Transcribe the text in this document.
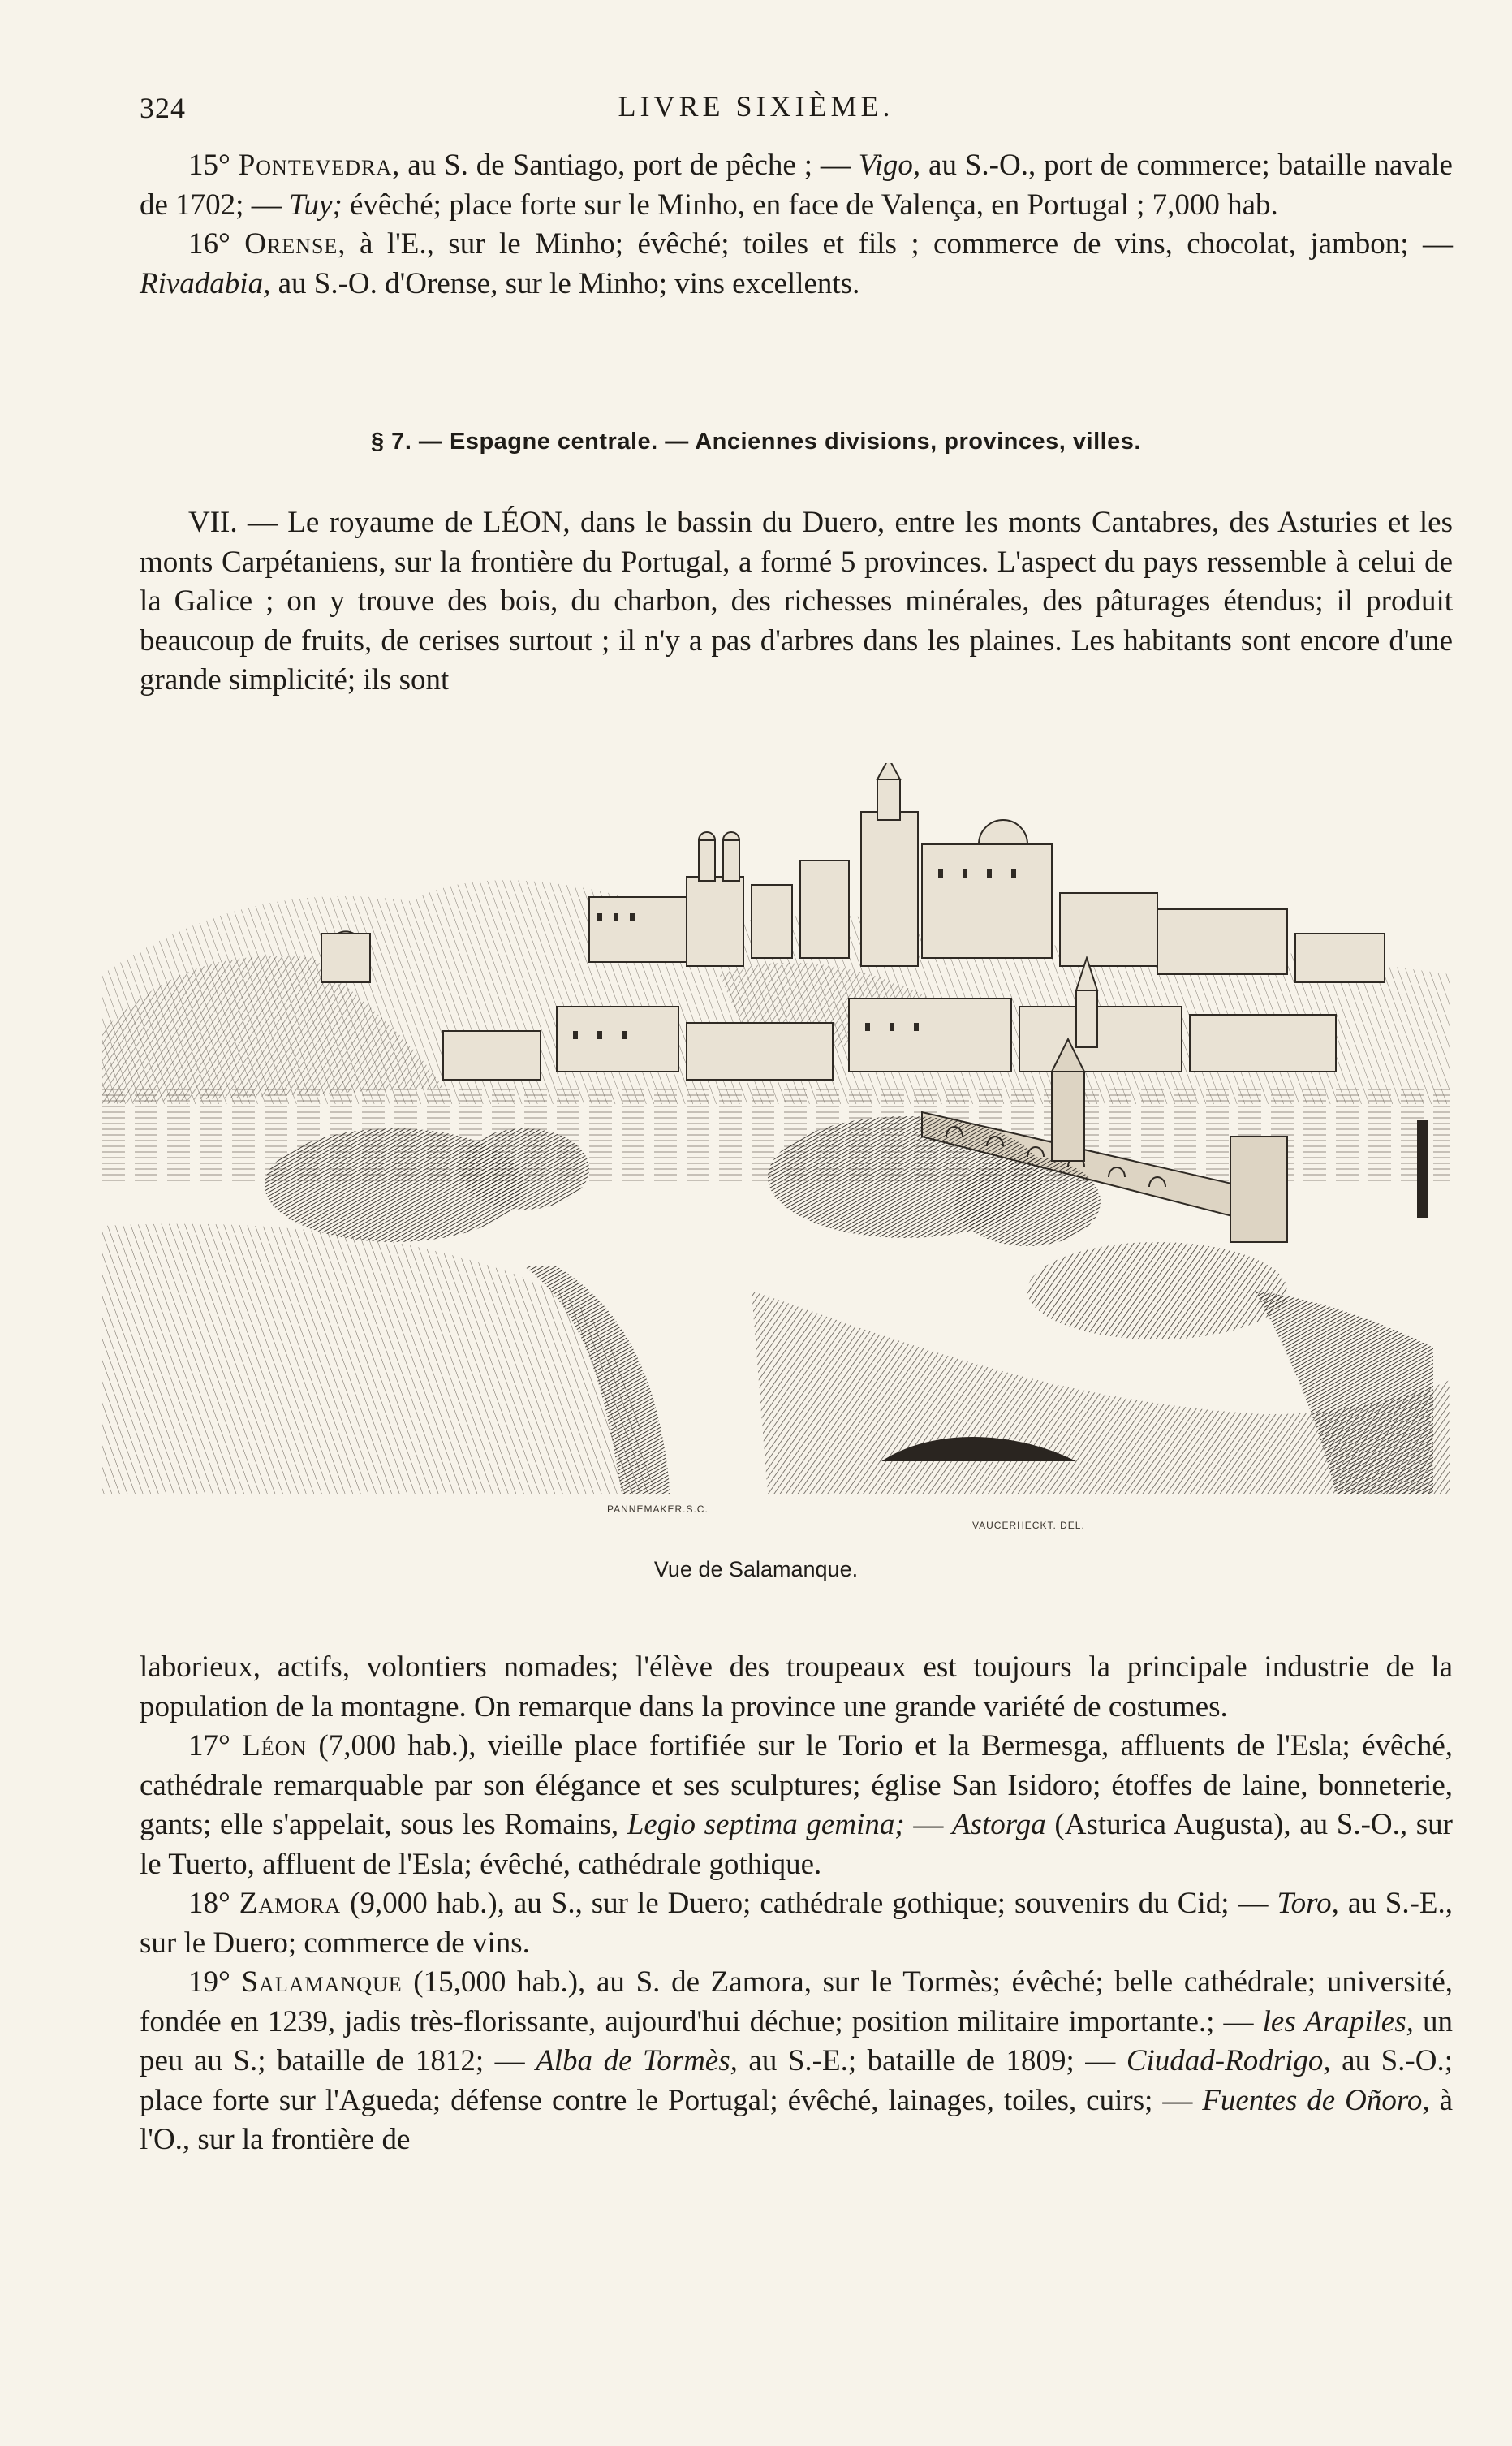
324	LIVRE SIXIÈME.

15° Pontevedra, au S. de Santiago, port de pêche ; — Vigo, au S.-O., port de commerce; bataille navale de 1702; — Tuy; évêché; place forte sur le Minho, en face de Valença, en Portugal ; 7,000 hab.

16° Orense, à l'E., sur le Minho; évêché; toiles et fils ; commerce de vins, chocolat, jambon; — Rivadabia, au S.-O. d'Orense, sur le Minho; vins excellents.

§ 7. — Espagne centrale. — Anciennes divisions, provinces, villes.

VII. — Le royaume de LÉON, dans le bassin du Duero, entre les monts Cantabres, des Asturies et les monts Carpétaniens, sur la frontière du Portugal, a formé 5 provinces. L'aspect du pays ressemble à celui de la Galice ; on y trouve des bois, du charbon, des richesses minérales, des pâturages étendus; il produit beaucoup de fruits, de cerises surtout ; il n'y a pas d'arbres dans les plaines. Les habitants sont encore d'une grande simplicité; ils sont

PANNEMAKER.S.C.
VAUCERHECKT. DEL.
Vue de Salamanque.

laborieux, actifs, volontiers nomades; l'élève des troupeaux est toujours la principale industrie de la population de la montagne. On remarque dans la province une grande variété de costumes.

17° Léon (7,000 hab.), vieille place fortifiée sur le Torio et la Bermesga, affluents de l'Esla; évêché, cathédrale remarquable par son élégance et ses sculptures; église San Isidoro; étoffes de laine, bonneterie, gants; elle s'appelait, sous les Romains, Legio septima gemina; — Astorga (Asturica Augusta), au S.-O., sur le Tuerto, affluent de l'Esla; évêché, cathédrale gothique.

18° Zamora (9,000 hab.), au S., sur le Duero; cathédrale gothique; souvenirs du Cid; — Toro, au S.-E., sur le Duero; commerce de vins.

19° Salamanque (15,000 hab.), au S. de Zamora, sur le Tormès; évêché; belle cathédrale; université, fondée en 1239, jadis très-florissante, aujourd'hui déchue; position militaire importante.; — les Arapiles, un peu au S.; bataille de 1812; — Alba de Tormès, au S.-E.; bataille de 1809; — Ciudad-Rodrigo, au S.-O.; place forte sur l'Agueda; défense contre le Portugal; évêché, lainages, toiles, cuirs; — Fuentes de Oñoro, à l'O., sur la frontière de
